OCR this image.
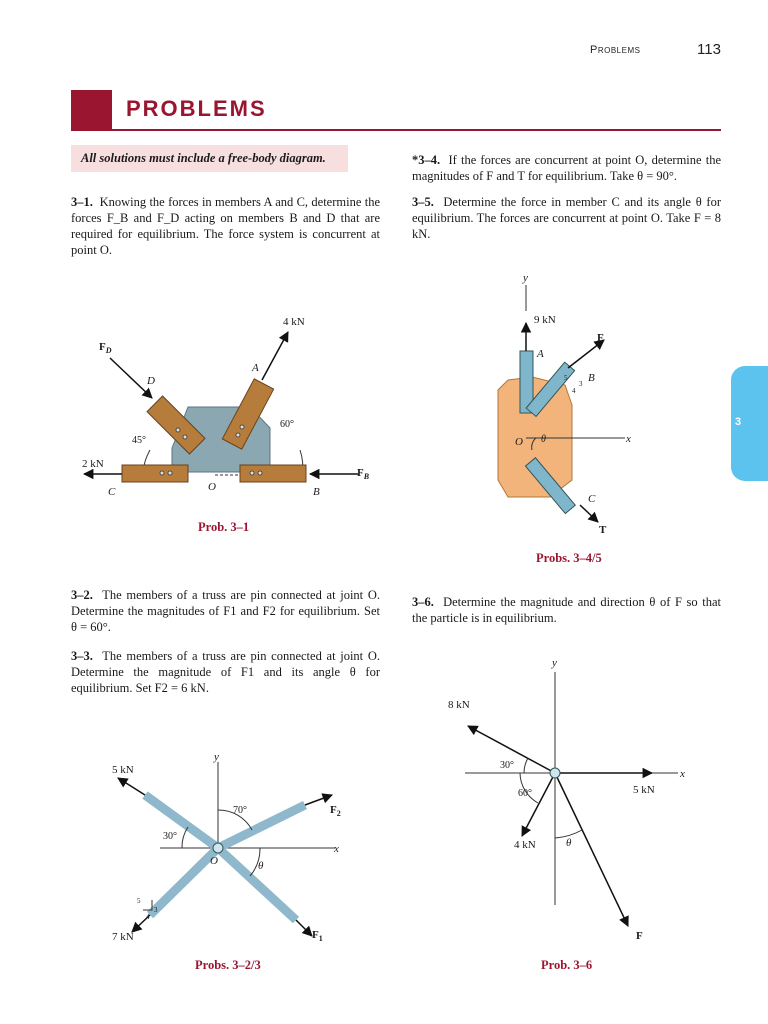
Problems	113
PROBLEMS
All solutions must include a free-body diagram.
3
3–1. Knowing the forces in members A and C, determine the forces F_B and F_D acting on members B and D that are required for equilibrium. The force system is concurrent at point O.
3–2. The members of a truss are pin connected at joint O. Determine the magnitudes of F1 and F2 for equilibrium. Set θ = 60°.
3–3. The members of a truss are pin connected at joint O. Determine the magnitude of F1 and its angle θ for equilibrium. Set F2 = 6 kN.
*3–4. If the forces are concurrent at point O, determine the magnitudes of F and T for equilibrium. Take θ = 90°.
3–5. Determine the force in member C and its angle θ for equilibrium. The forces are concurrent at point O. Take F = 8 kN.
3–6. Determine the magnitude and direction θ of F so that the particle is in equilibrium.
4 kN
2 kN
$F_D$
$F_B$
A
B
C
D
O
45°
60°
Prob. 3–1
y
x
9 kN
F
T
A
B
C
O θ
5
3
4
Probs. 3–4/5
y
x
5 kN
7 kN	$F_1$
$F_2$
O
70°
30°
θ
5
3
4
Probs. 3–2/3
y
x
8 kN
5 kN
4 kN
F
30°
60°
θ
Prob. 3–6
